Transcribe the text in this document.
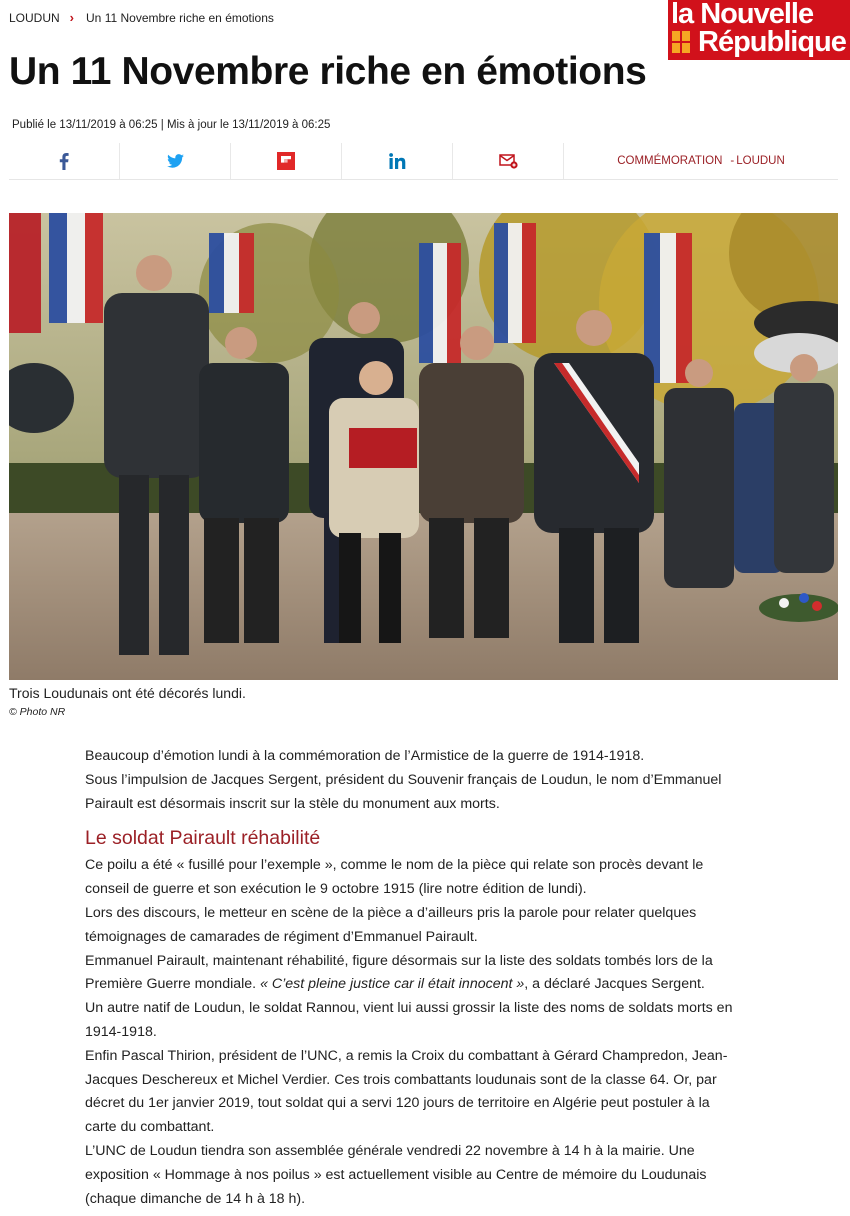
la Nouvelle
République
LOUDUN › Un 11 Novembre riche en émotions
Un 11 Novembre riche en émotions
Publié le 13/11/2019 à 06:25 | Mis à jour le 13/11/2019 à 06:25
COMMÉMORATION - LOUDUN
Trois Loudunais ont été décorés lundi.
© Photo NR

Beaucoup d’émotion lundi à la commémoration de l’Armistice de la guerre de 1914-1918.

Sous l’impulsion de Jacques Sergent, président du Souvenir français de Loudun, le nom d’Emmanuel

Pairault est désormais inscrit sur la stèle du monument aux morts.

Le soldat Pairault réhabilité

Ce poilu a été « fusillé pour l’exemple », comme le nom de la pièce qui relate son procès devant le

conseil de guerre et son exécution le 9 octobre 1915 (lire notre édition de lundi).

Lors des discours, le metteur en scène de la pièce a d’ailleurs pris la parole pour relater quelques

témoignages de camarades de régiment d’Emmanuel Pairault.

Emmanuel Pairault, maintenant réhabilité, figure désormais sur la liste des soldats tombés lors de la

Première Guerre mondiale. « C’est pleine justice car il était innocent », a déclaré Jacques Sergent.

Un autre natif de Loudun, le soldat Rannou, vient lui aussi grossir la liste des noms de soldats morts en

1914-1918.

Enfin Pascal Thirion, président de l’UNC, a remis la Croix du combattant à Gérard Champredon, Jean-

Jacques Deschereux et Michel Verdier. Ces trois combattants loudunais sont de la classe 64. Or, par

décret du 1er janvier 2019, tout soldat qui a servi 120 jours de territoire en Algérie peut postuler à la

carte du combattant.

L’UNC de Loudun tiendra son assemblée générale vendredi 22 novembre à 14 h à la mairie. Une

exposition « Hommage à nos poilus » est actuellement visible au Centre de mémoire du Loudunais

(chaque dimanche de 14 h à 18 h).
